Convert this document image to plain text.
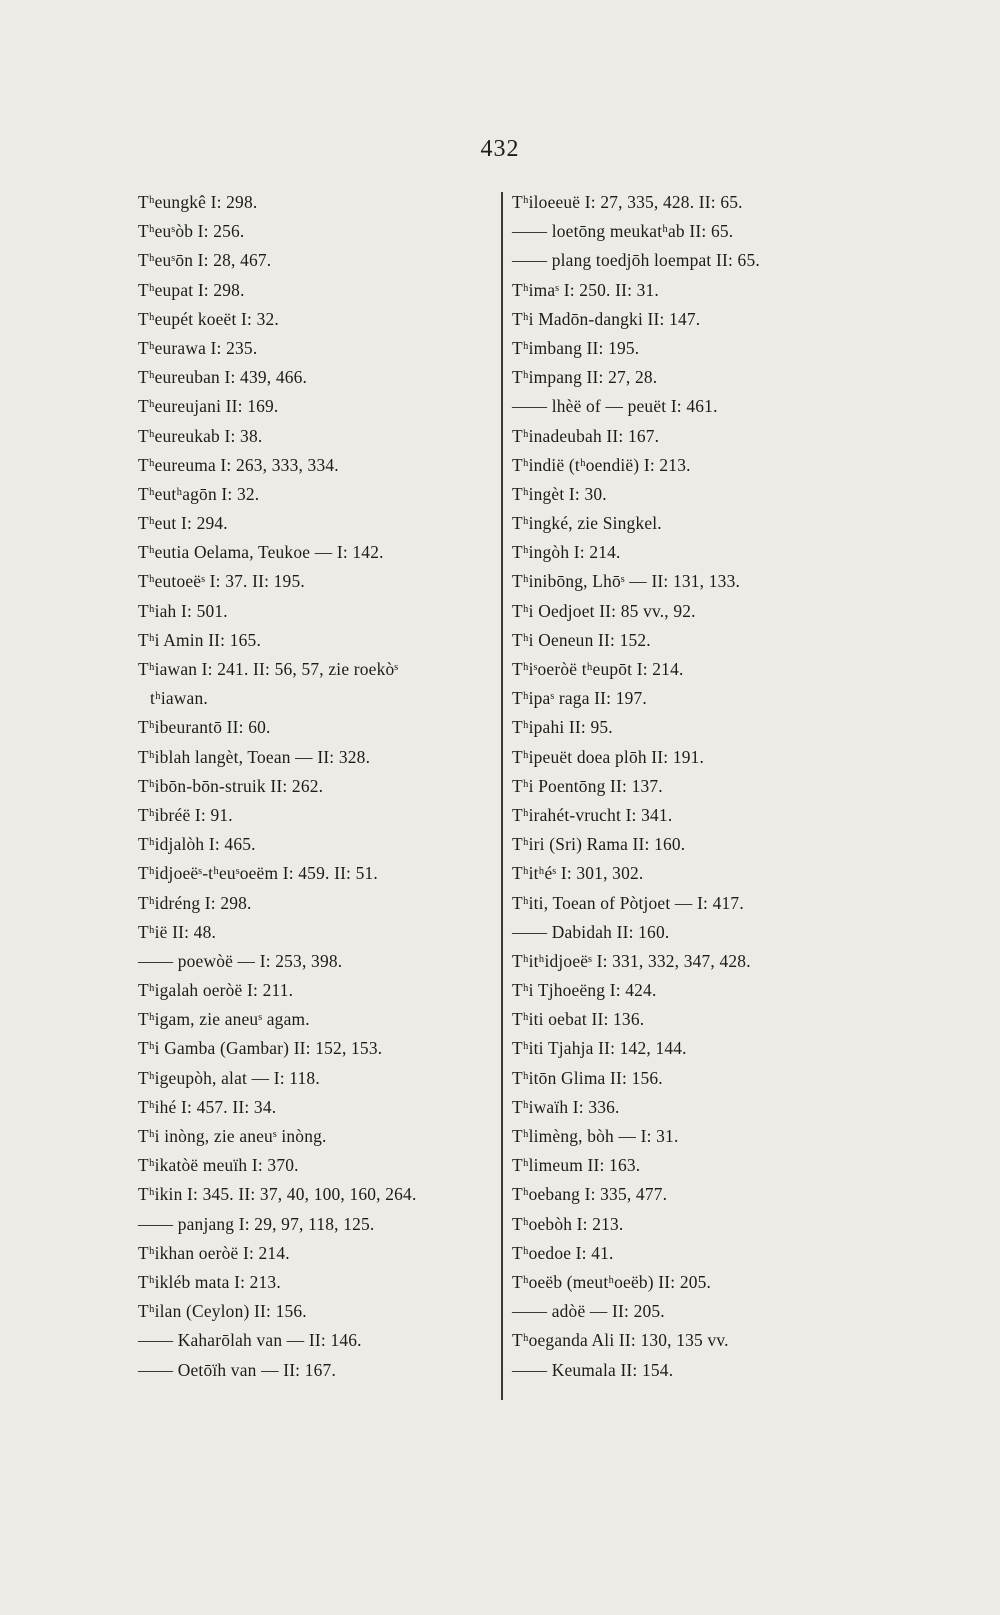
432
Tʰeungkê I: 298.
Tʰeuˢòb I: 256.
Tʰeuˢōn I: 28, 467.
Tʰeupat I: 298.
Tʰeupét koeët I: 32.
Tʰeurawa I: 235.
Tʰeureuban I: 439, 466.
Tʰeureujani II: 169.
Tʰeureukab I: 38.
Tʰeureuma I: 263, 333, 334.
Tʰeutʰagōn I: 32.
Tʰeut I: 294.
Tʰeutia Oelama, Teukoe — I: 142.
Tʰeutoeëˢ I: 37. II: 195.
Tʰiah I: 501.
Tʰi Amin II: 165.
Tʰiawan I: 241. II: 56, 57, zie roekòˢ
tʰiawan.
Tʰibeurantō II: 60.
Tʰiblah langèt, Toean — II: 328.
Tʰibōn-bōn-struik II: 262.
Tʰibréë I: 91.
Tʰidjalòh I: 465.
Tʰidjoeëˢ-tʰeuˢoeëm I: 459. II: 51.
Tʰidréng I: 298.
Tʰië II: 48.
—— poewòë — I: 253, 398.
Tʰigalah oeròë I: 211.
Tʰigam, zie aneuˢ agam.
Tʰi Gamba (Gambar) II: 152, 153.
Tʰigeupòh, alat — I: 118.
Tʰihé I: 457. II: 34.
Tʰi inòng, zie aneuˢ inòng.
Tʰikatòë meuïh I: 370.
Tʰikin I: 345. II: 37, 40, 100, 160, 264.
—— panjang I: 29, 97, 118, 125.
Tʰikhan oeròë I: 214.
Tʰikléb mata I: 213.
Tʰilan (Ceylon) II: 156.
—— Kaharōlah van — II: 146.
—— Oetōïh van — II: 167.
Tʰiloeeuë I: 27, 335, 428. II: 65.
—— loetōng meukatʰab II: 65.
—— plang toedjōh loempat II: 65.
Tʰimaˢ I: 250. II: 31.
Tʰi Madōn-dangki II: 147.
Tʰimbang II: 195.
Tʰimpang II: 27, 28.
—— lhèë of — peuët I: 461.
Tʰinadeubah II: 167.
Tʰindië (tʰoendië) I: 213.
Tʰingèt I: 30.
Tʰingké, zie Singkel.
Tʰingòh I: 214.
Tʰinibōng, Lhōˢ — II: 131, 133.
Tʰi Oedjoet II: 85 vv., 92.
Tʰi Oeneun II: 152.
Tʰiˢoeròë tʰeupōt I: 214.
Tʰipaˢ raga II: 197.
Tʰipahi II: 95.
Tʰipeuët doea plōh II: 191.
Tʰi Poentōng II: 137.
Tʰirahét-vrucht I: 341.
Tʰiri (Sri) Rama II: 160.
Tʰitʰéˢ I: 301, 302.
Tʰiti, Toean of Pòtjoet — I: 417.
—— Dabidah II: 160.
Tʰitʰidjoeëˢ I: 331, 332, 347, 428.
Tʰi Tjhoeëng I: 424.
Tʰiti oebat II: 136.
Tʰiti Tjahja II: 142, 144.
Tʰitōn Glima II: 156.
Tʰiwaïh I: 336.
Tʰlimèng, bòh — I: 31.
Tʰlimeum II: 163.
Tʰoebang I: 335, 477.
Tʰoebòh I: 213.
Tʰoedoe I: 41.
Tʰoeëb (meutʰoeëb) II: 205.
—— adòë — II: 205.
Tʰoeganda Ali II: 130, 135 vv.
—— Keumala II: 154.
